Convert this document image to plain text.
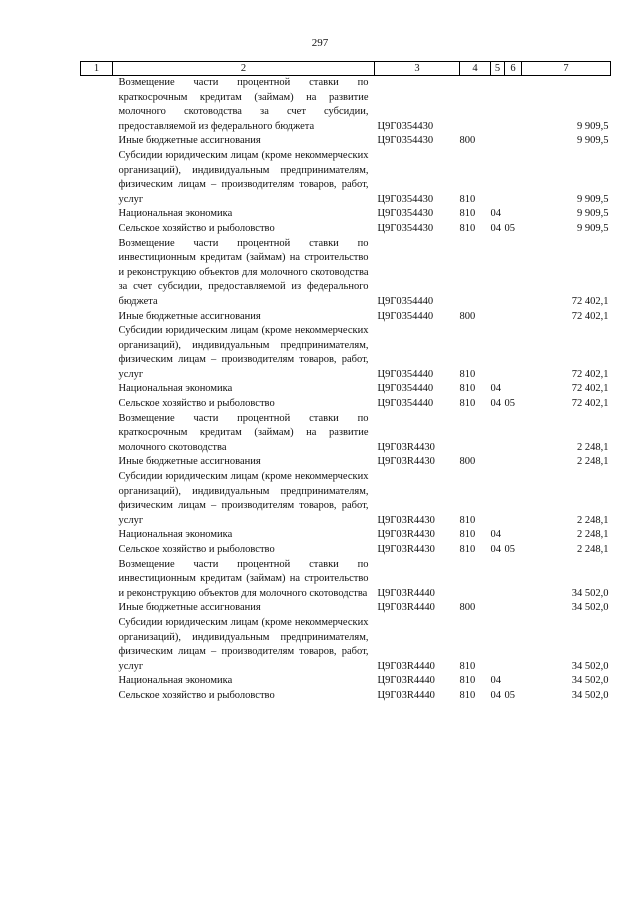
297
1	2	3	4	5	6	7
Возмещение части процентной ставки по краткосрочным кредитам (займам) на развитие молочного скотоводства за счет субсидии, предоставляемой из федерального бюджета		Ц9Г0354430				9 909,5
Иные бюджетные ассигнования		Ц9Г0354430	800			9 909,5
Субсидии юридическим лицам (кроме некоммерческих организаций), индивидуальным предпринимателям, физическим лицам – производителям товаров, работ, услуг		Ц9Г0354430	810			9 909,5
Национальная экономика		Ц9Г0354430	810	04		9 909,5
Сельское хозяйство и рыболовство		Ц9Г0354430	810	04	05	9 909,5
Возмещение части процентной ставки по инвестиционным кредитам (займам) на строительство и реконструкцию объектов для молочного скотоводства за счет субсидии, предоставляемой из федерального бюджета		Ц9Г0354440				72 402,1
Иные бюджетные ассигнования		Ц9Г0354440	800			72 402,1
Субсидии юридическим лицам (кроме некоммерческих организаций), индивидуальным предпринимателям, физическим лицам – производителям товаров, работ, услуг		Ц9Г0354440	810			72 402,1
Национальная экономика		Ц9Г0354440	810	04		72 402,1
Сельское хозяйство и рыболовство		Ц9Г0354440	810	04	05	72 402,1
Возмещение части процентной ставки по краткосрочным кредитам (займам) на развитие молочного скотоводства		Ц9Г03R4430				2 248,1
Иные бюджетные ассигнования		Ц9Г03R4430	800			2 248,1
Субсидии юридическим лицам (кроме некоммерческих организаций), индивидуальным предпринимателям, физическим лицам – производителям товаров, работ, услуг		Ц9Г03R4430	810			2 248,1
Национальная экономика		Ц9Г03R4430	810	04		2 248,1
Сельское хозяйство и рыболовство		Ц9Г03R4430	810	04	05	2 248,1
Возмещение части процентной ставки по инвестиционным кредитам (займам) на строительство и реконструкцию объектов для молочного скотоводства		Ц9Г03R4440				34 502,0
Иные бюджетные ассигнования		Ц9Г03R4440	800			34 502,0
Субсидии юридическим лицам (кроме некоммерческих организаций), индивидуальным предпринимателям, физическим лицам – производителям товаров, работ, услуг		Ц9Г03R4440	810			34 502,0
Национальная экономика		Ц9Г03R4440	810	04		34 502,0
Сельское хозяйство и рыболовство		Ц9Г03R4440	810	04	05	34 502,0
